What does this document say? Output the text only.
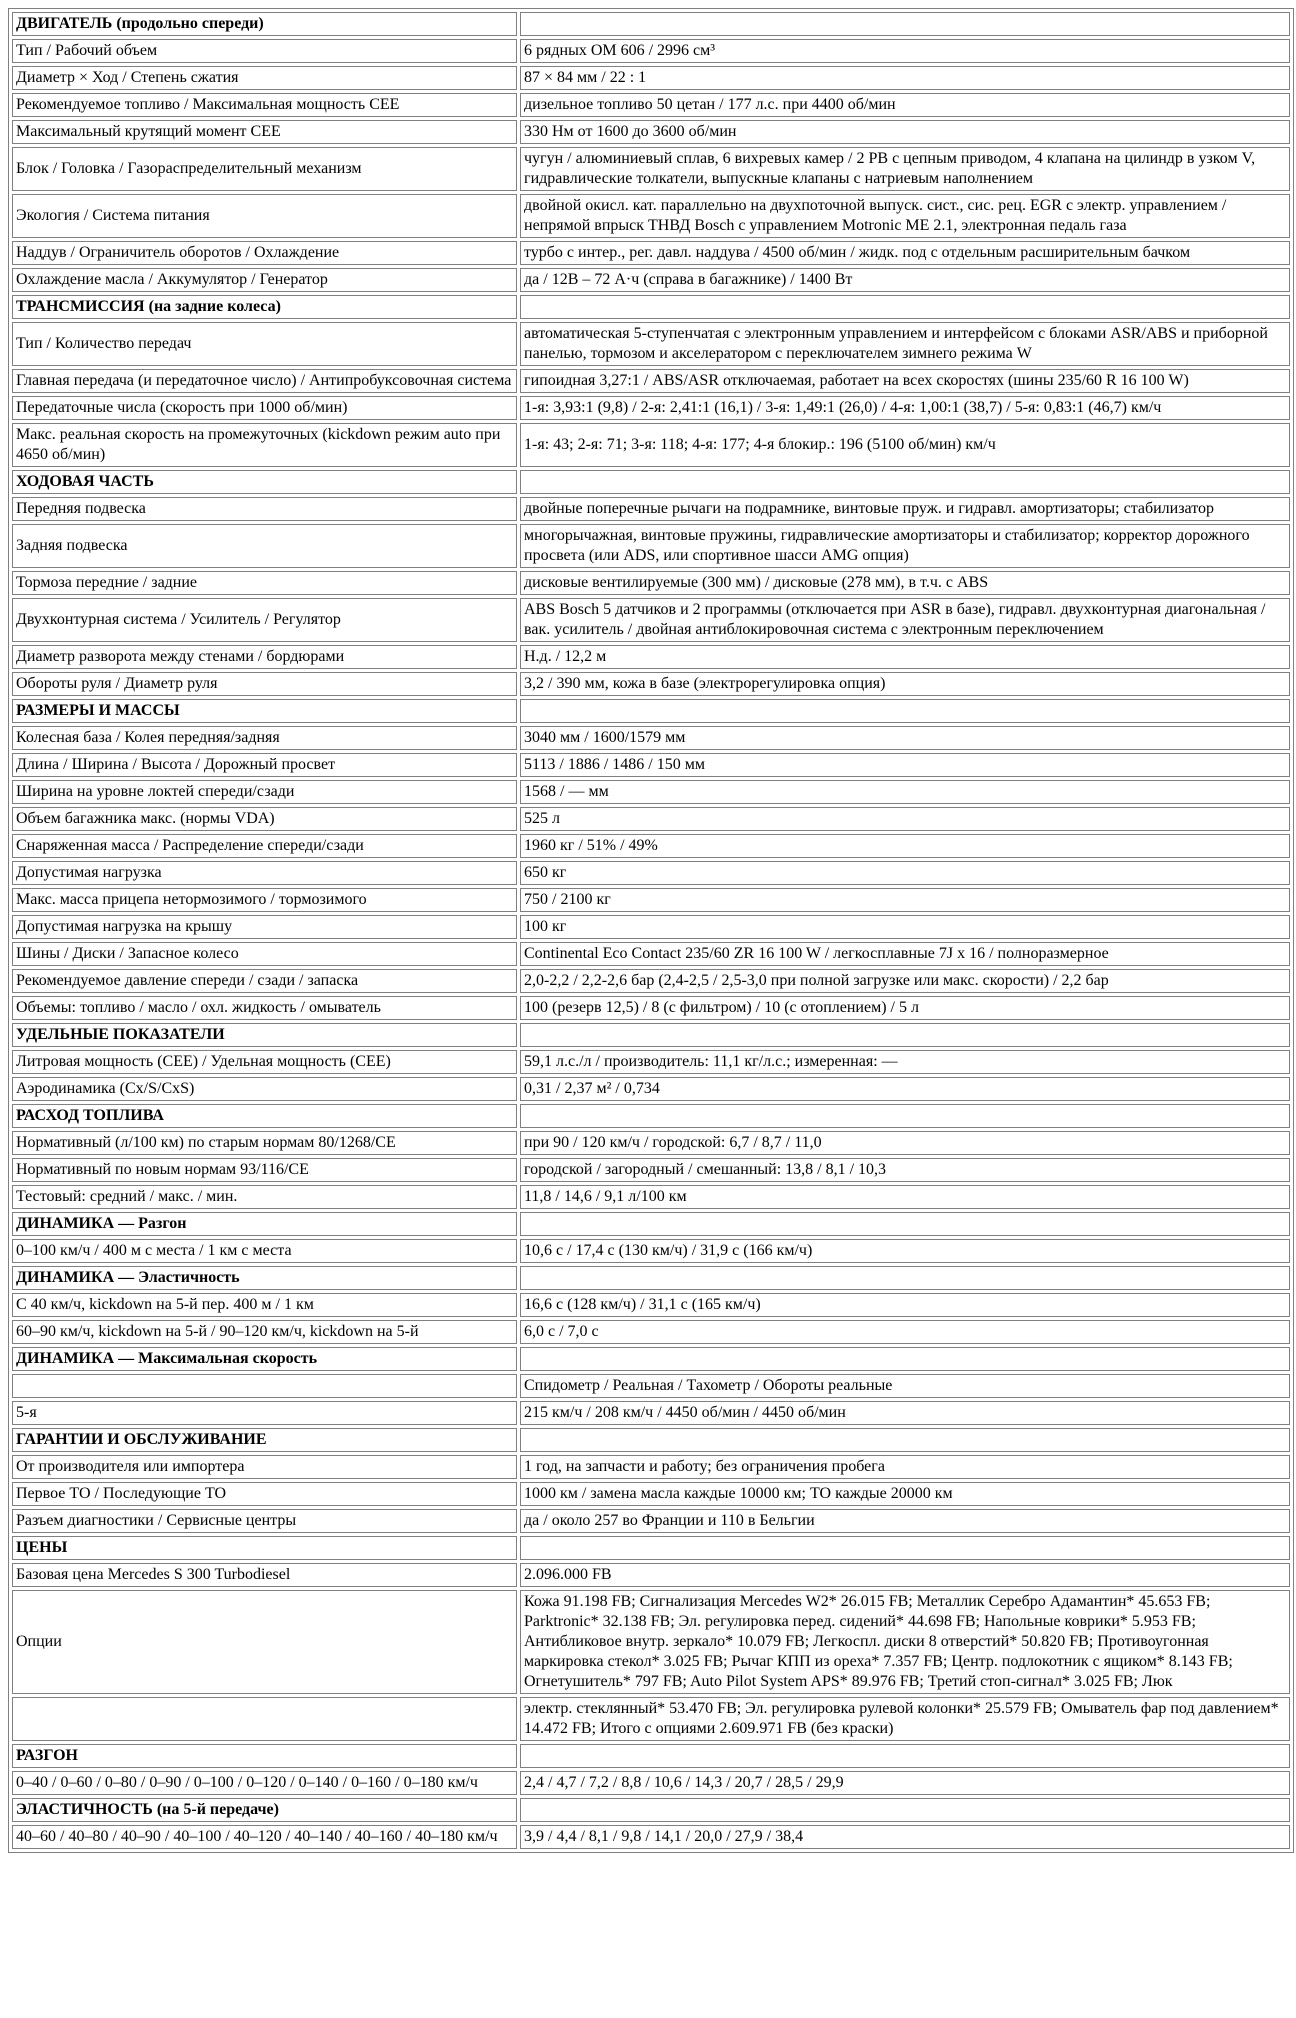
ДВИГАТЕЛЬ (продольно спереди)	
Тип / Рабочий объем	6 рядных OM 606 / 2996 см³
Диаметр × Ход / Степень сжатия	87 × 84 мм / 22 : 1
Рекомендуемое топливо / Максимальная мощность CEE	дизельное топливо 50 цетан / 177 л.с. при 4400 об/мин
Максимальный крутящий момент CEE	330 Нм от 1600 до 3600 об/мин
Блок / Головка / Газораспределительный механизм	чугун / алюминиевый сплав, 6 вихревых камер / 2 РВ с цепным приводом, 4 клапана на цилиндр в узком V, гидравлические толкатели, выпускные клапаны с натриевым наполнением
Экология / Система питания	двойной окисл. кат. параллельно на двухпоточной выпуск. сист., сис. рец. EGR с электр. управлением / непрямой впрыск ТНВД Bosch с управлением Motronic ME 2.1, электронная педаль газа
Наддув / Ограничитель оборотов / Охлаждение	турбо с интер., рег. давл. наддува / 4500 об/мин / жидк. под с отдельным расширительным бачком
Охлаждение масла / Аккумулятор / Генератор	да / 12В – 72 А·ч (справа в багажнике) / 1400 Вт
ТРАНСМИССИЯ (на задние колеса)	
Тип / Количество передач	автоматическая 5-ступенчатая с электронным управлением и интерфейсом с блоками ASR/ABS и приборной панелью, тормозом и акселератором с переключателем зимнего режима W
Главная передача (и передаточное число) / Антипробуксовочная система	гипоидная 3,27:1 / ABS/ASR отключаемая, работает на всех скоростях (шины 235/60 R 16 100 W)
Передаточные числа (скорость при 1000 об/мин)	1-я: 3,93:1 (9,8) / 2-я: 2,41:1 (16,1) / 3-я: 1,49:1 (26,0) / 4-я: 1,00:1 (38,7) / 5-я: 0,83:1 (46,7) км/ч
Макс. реальная скорость на промежуточных (kickdown режим auto при 4650 об/мин)	1-я: 43; 2-я: 71; 3-я: 118; 4-я: 177; 4-я блокир.: 196 (5100 об/мин) км/ч
ХОДОВАЯ ЧАСТЬ	
Передняя подвеска	двойные поперечные рычаги на подрамнике, винтовые пруж. и гидравл. амортизаторы; стабилизатор
Задняя подвеска	многорычажная, винтовые пружины, гидравлические амортизаторы и стабилизатор; корректор дорожного просвета (или ADS, или спортивное шасси AMG опция)
Тормоза передние / задние	дисковые вентилируемые (300 мм) / дисковые (278 мм), в т.ч. с ABS
Двухконтурная система / Усилитель / Регулятор	ABS Bosch 5 датчиков и 2 программы (отключается при ASR в базе), гидравл. двухконтурная диагональная / вак. усилитель / двойная антиблокировочная система с электронным переключением
Диаметр разворота между стенами / бордюрами	Н.д. / 12,2 м
Обороты руля / Диаметр руля	3,2 / 390 мм, кожа в базе (электрорегулировка опция)
РАЗМЕРЫ И МАССЫ	
Колесная база / Колея передняя/задняя	3040 мм / 1600/1579 мм
Длина / Ширина / Высота / Дорожный просвет	5113 / 1886 / 1486 / 150 мм
Ширина на уровне локтей спереди/сзади	1568 / — мм
Объем багажника макс. (нормы VDA)	525 л
Снаряженная масса / Распределение спереди/сзади	1960 кг / 51% / 49%
Допустимая нагрузка	650 кг
Макс. масса прицепа нетормозимого / тормозимого	750 / 2100 кг
Допустимая нагрузка на крышу	100 кг
Шины / Диски / Запасное колесо	Continental Eco Contact 235/60 ZR 16 100 W / легкосплавные 7J x 16 / полноразмерное
Рекомендуемое давление спереди / сзади / запаска	2,0-2,2 / 2,2-2,6 бар (2,4-2,5 / 2,5-3,0 при полной загрузке или макс. скорости) / 2,2 бар
Объемы: топливо / масло / охл. жидкость / омыватель	100 (резерв 12,5) / 8 (с фильтром) / 10 (с отоплением) / 5 л
УДЕЛЬНЫЕ ПОКАЗАТЕЛИ	
Литровая мощность (CEE) / Удельная мощность (CEE)	59,1 л.с./л / производитель: 11,1 кг/л.с.; измеренная: —
Аэродинамика (Cx/S/CxS)	0,31 / 2,37 м² / 0,734
РАСХОД ТОПЛИВА	
Нормативный (л/100 км) по старым нормам 80/1268/CE	при 90 / 120 км/ч / городской: 6,7 / 8,7 / 11,0
Нормативный по новым нормам 93/116/CE	городской / загородный / смешанный: 13,8 / 8,1 / 10,3
Тестовый: средний / макс. / мин.	11,8 / 14,6 / 9,1 л/100 км
ДИНАМИКА — Разгон	
0–100 км/ч / 400 м с места / 1 км с места	10,6 с / 17,4 с (130 км/ч) / 31,9 с (166 км/ч)
ДИНАМИКА — Эластичность	
С 40 км/ч, kickdown на 5-й пер. 400 м / 1 км	16,6 с (128 км/ч) / 31,1 с (165 км/ч)
60–90 км/ч, kickdown на 5-й / 90–120 км/ч, kickdown на 5-й	6,0 с / 7,0 с
ДИНАМИКА — Максимальная скорость	
	Спидометр / Реальная / Тахометр / Обороты реальные
5-я	215 км/ч / 208 км/ч / 4450 об/мин / 4450 об/мин
ГАРАНТИИ И ОБСЛУЖИВАНИЕ	
От производителя или импортера	1 год, на запчасти и работу; без ограничения пробега
Первое ТО / Последующие ТО	1000 км / замена масла каждые 10000 км; ТО каждые 20000 км
Разъем диагностики / Сервисные центры	да / около 257 во Франции и 110 в Бельгии
ЦЕНЫ	
Базовая цена Mercedes S 300 Turbodiesel	2.096.000 FB
Опции	Кожа 91.198 FB; Сигнализация Mercedes W2* 26.015 FB; Металлик Серебро Адамантин* 45.653 FB; Parktronic* 32.138 FB; Эл. регулировка перед. сидений* 44.698 FB; Напольные коврики* 5.953 FB; Антибликовое внутр. зеркало* 10.079 FB; Легкоспл. диски 8 отверстий* 50.820 FB; Противоугонная маркировка стекол* 3.025 FB; Рычаг КПП из ореха* 7.357 FB; Центр. подлокотник с ящиком* 8.143 FB; Огнетушитель* 797 FB; Auto Pilot System APS* 89.976 FB; Третий стоп-сигнал* 3.025 FB; Люк
	электр. стеклянный* 53.470 FB; Эл. регулировка рулевой колонки* 25.579 FB; Омыватель фар под давлением* 14.472 FB; Итого с опциями 2.609.971 FB (без краски)
РАЗГОН	
0–40 / 0–60 / 0–80 / 0–90 / 0–100 / 0–120 / 0–140 / 0–160 / 0–180 км/ч	2,4 / 4,7 / 7,2 / 8,8 / 10,6 / 14,3 / 20,7 / 28,5 / 29,9
ЭЛАСТИЧНОСТЬ (на 5-й передаче)	
40–60 / 40–80 / 40–90 / 40–100 / 40–120 / 40–140 / 40–160 / 40–180 км/ч	3,9 / 4,4 / 8,1 / 9,8 / 14,1 / 20,0 / 27,9 / 38,4
